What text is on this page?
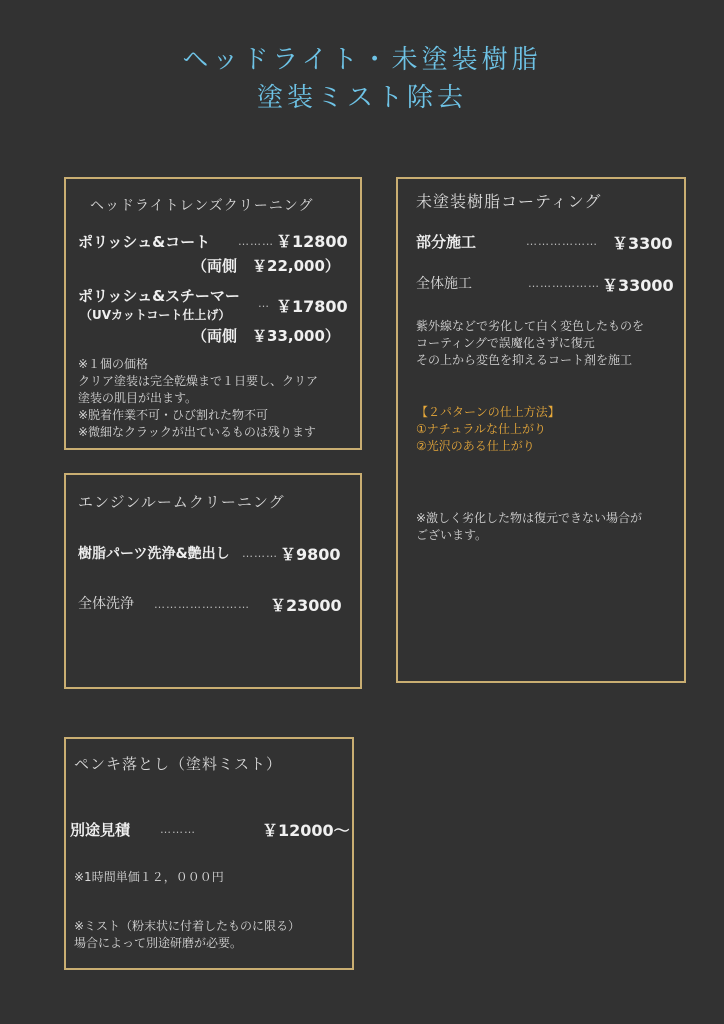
ヘッドライト・未塗装樹脂
塗装ミスト除去
ヘッドライトレンズクリーニング
ポリッシュ&コート	……… ￥12800
（両側　￥22,000）
ポリッシュ&スチーマー … ￥17800
（UVカットコート仕上げ）
（両側　￥33,000）
※１個の価格
クリア塗装は完全乾燥まで１日要し、クリア
塗装の肌目が出ます。
※脱着作業不可・ひび割れた物不可
※微細なクラックが出ているものは残ります
エンジンルームクリーニング
樹脂パーツ洗浄&艶出し ……… ￥9800
全体洗浄 …………………… ￥23000
ペンキ落とし（塗料ミスト）
別途見積	………	￥12000〜
※1時間単価１２，０００円
※ミスト（粉末状に付着したものに限る）
場合によって別途研磨が必要。
未塗装樹脂コーティング
部分施工	……………… ￥3300
全体施工	……………… ￥33000
紫外線などで劣化して白く変色したものを
コーティングで誤魔化さずに復元
その上から変色を抑えるコート剤を施工
【２パターンの仕上方法】
①ナチュラルな仕上がり
②光沢のある仕上がり
※激しく劣化した物は復元できない場合が
ございます。
